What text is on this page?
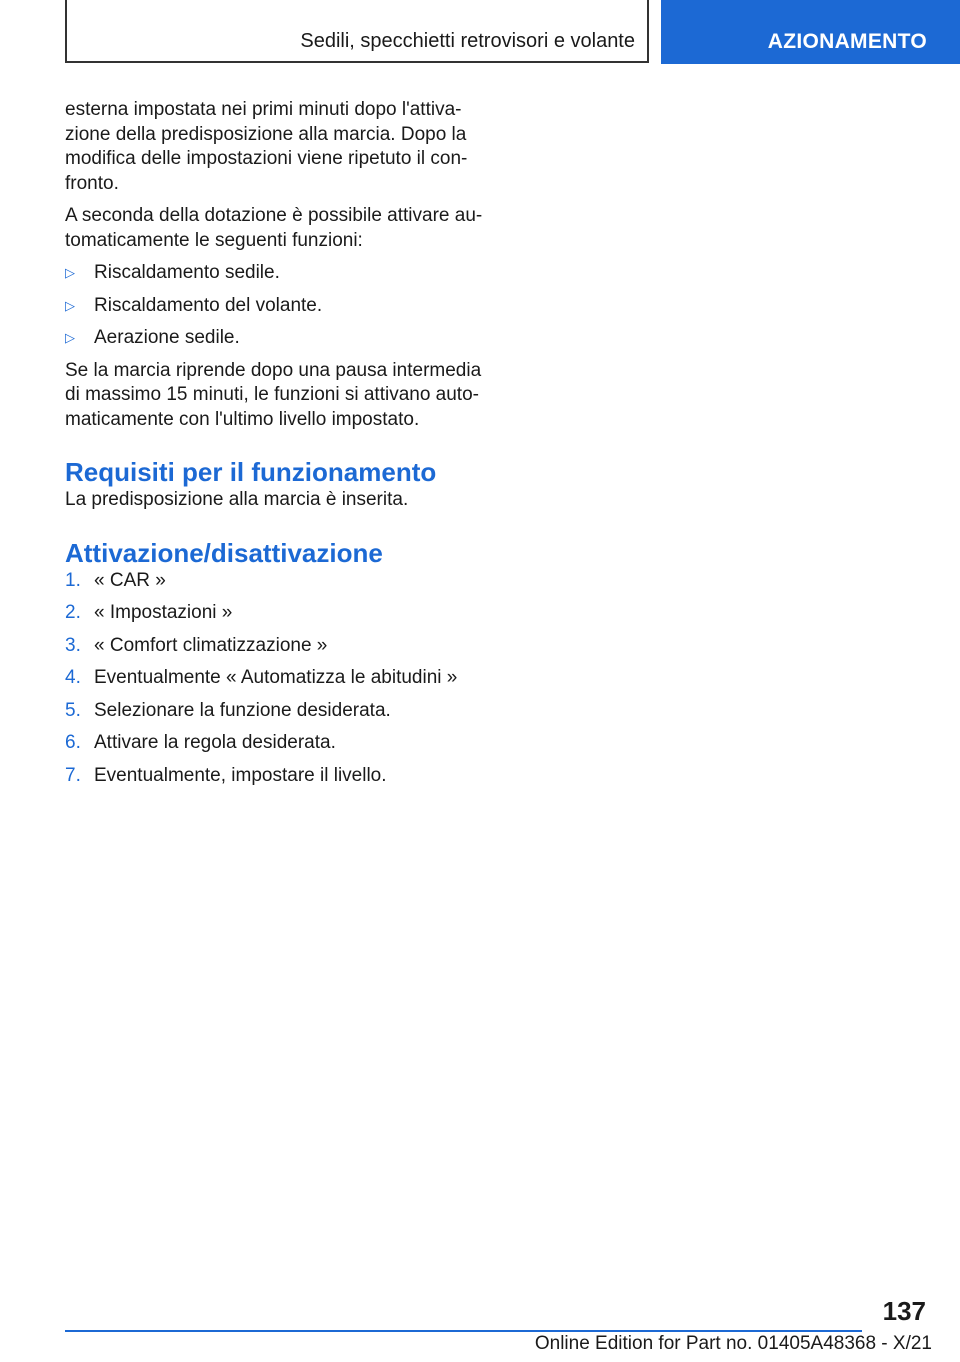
Sedili, specchietti retrovisori e volante	AZIONAMENTO

esterna impostata nei primi minuti dopo l'attiva-
zione della predisposizione alla marcia. Dopo la
modifica delle impostazioni viene ripetuto il con-
fronto.

A seconda della dotazione è possibile attivare au-
tomaticamente le seguenti funzioni:

▷ Riscaldamento sedile.
▷ Riscaldamento del volante.
▷ Aerazione sedile.

Se la marcia riprende dopo una pausa intermedia
di massimo 15 minuti, le funzioni si attivano auto-
maticamente con l'ultimo livello impostato.

Requisiti per il funzionamento

La predisposizione alla marcia è inserita.

Attivazione/disattivazione
1. « CAR »
2. « Impostazioni »
3. « Comfort climatizzazione »
4. Eventualmente « Automatizza le abitudini »
5. Selezionare la funzione desiderata.
6. Attivare la regola desiderata.
7. Eventualmente, impostare il livello.
137
Online Edition for Part no. 01405A48368 - X/21
